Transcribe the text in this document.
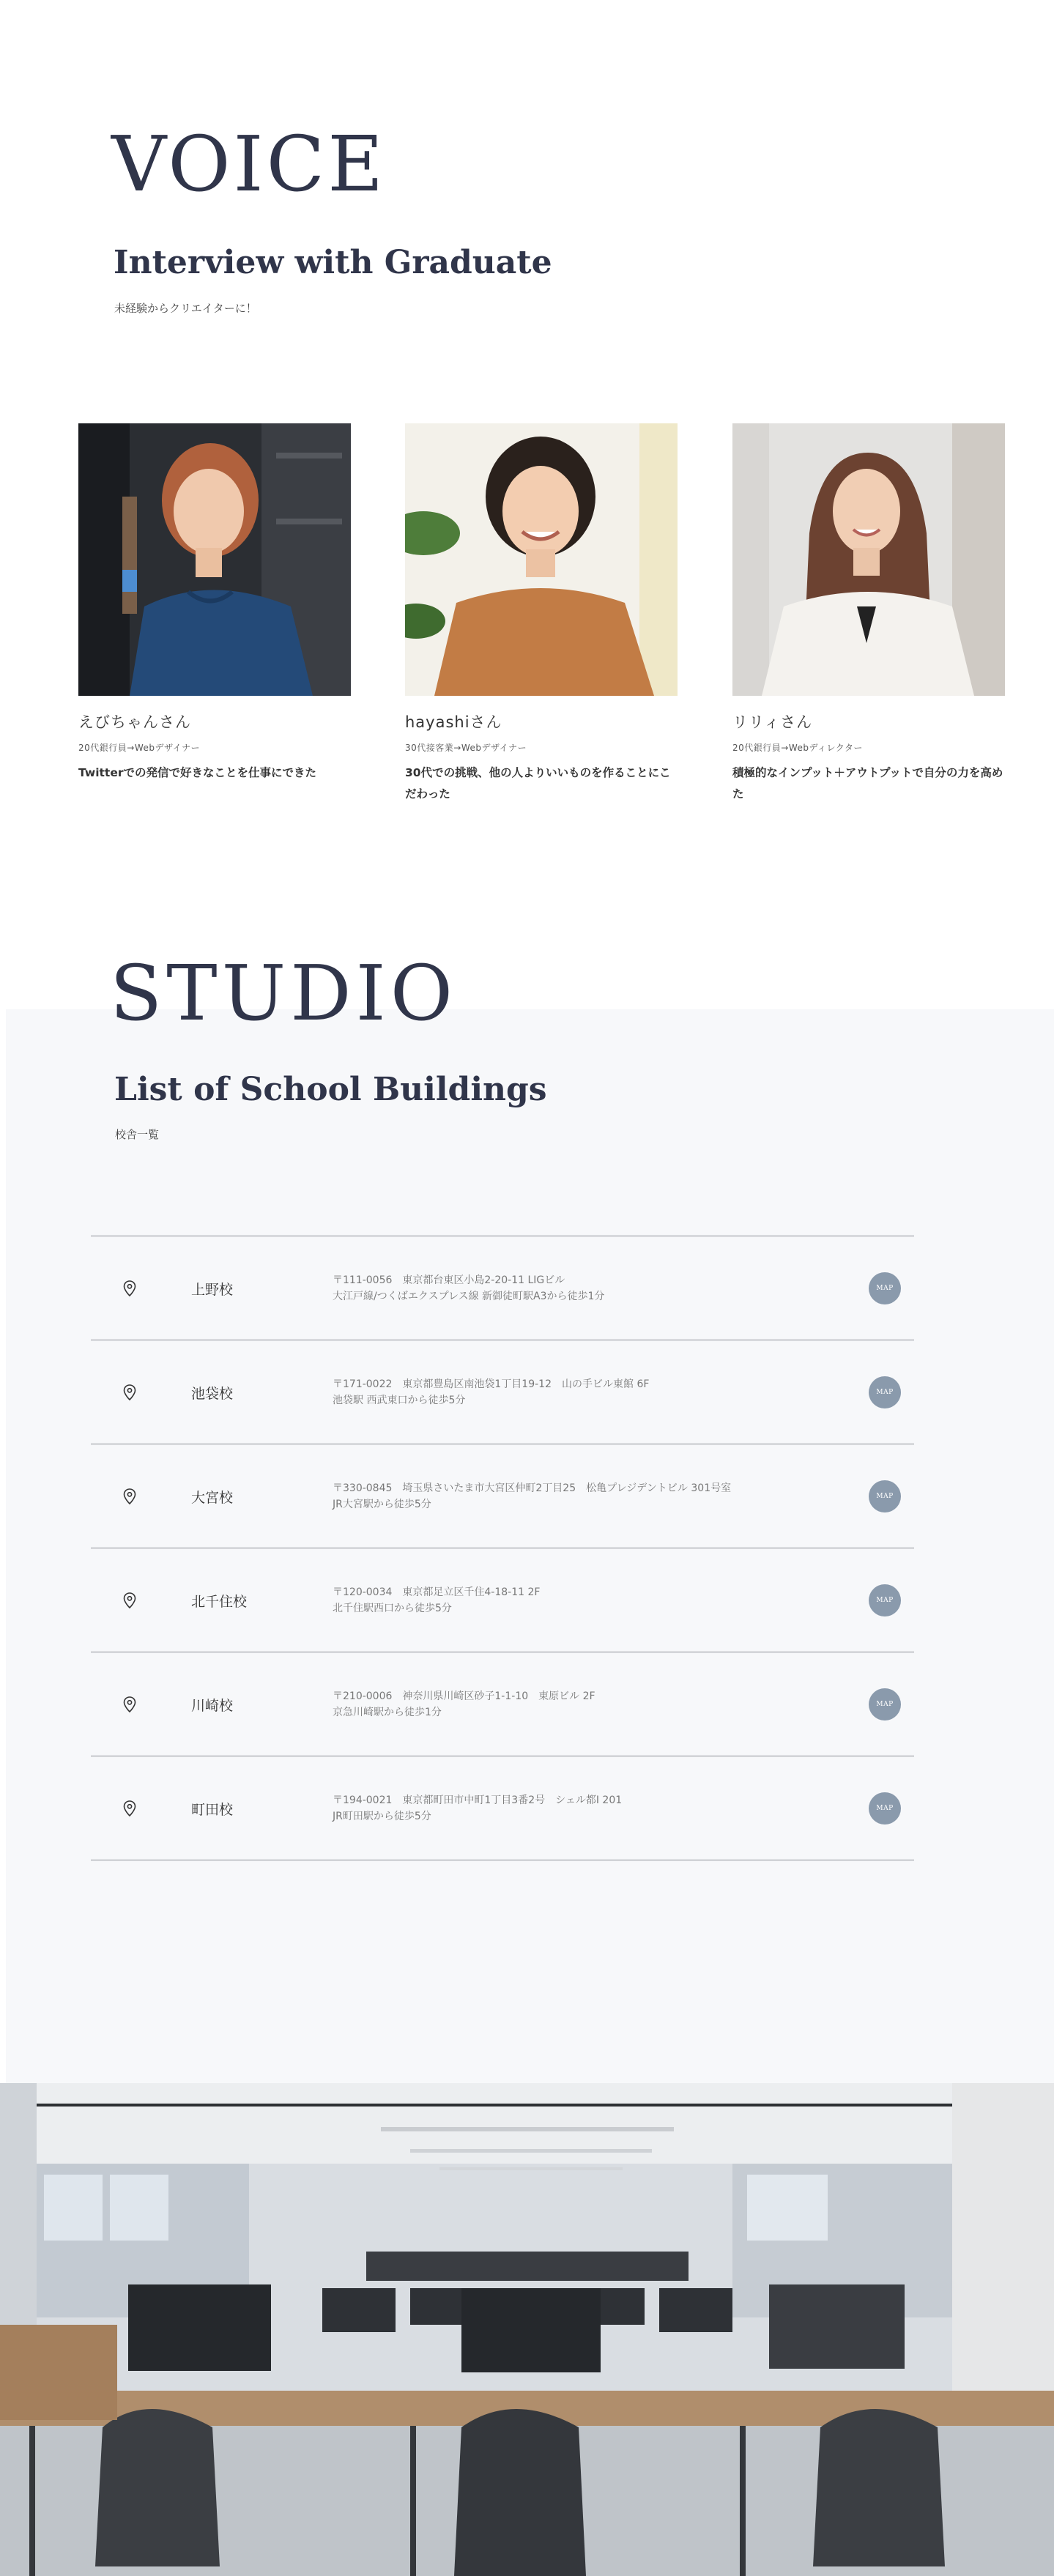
VOICE
Interview with Graduate

未経験からクリエイターに！

えびちゃんさん
20代銀行員→Webデザイナー
Twitterでの発信で好きなことを仕事にできた
hayashiさん
30代接客業→Webデザイナー
30代での挑戦、他の人よりいいものを作ることにこだわった
リリィさん
20代銀行員→Webディレクター
積極的なインプット＋アウトプットで自分の力を高めた
STUDIO
List of School Buildings

校舎一覧

上野校
〒111-0056　東京都台東区小島2-20-11 LIGビル
大江戸線/つくばエクスプレス線 新御徒町駅A3から徒歩1分
MAP
池袋校
〒171-0022　東京都豊島区南池袋1丁目19-12　山の手ビル東館 6F
池袋駅 西武東口から徒歩5分
MAP
大宮校
〒330-0845　埼玉県さいたま市大宮区仲町2丁目25　松亀プレジデントビル 301号室
JR大宮駅から徒歩5分
MAP
北千住校
〒120-0034　東京都足立区千住4-18-11 2F
北千住駅西口から徒歩5分
MAP
川崎校
〒210-0006　神奈川県川崎区砂子1-1-10　東原ビル 2F
京急川崎駅から徒歩1分
MAP
町田校
〒194-0021　東京都町田市中町1丁目3番2号　シェル都I 201
JR町田駅から徒歩5分
MAP
